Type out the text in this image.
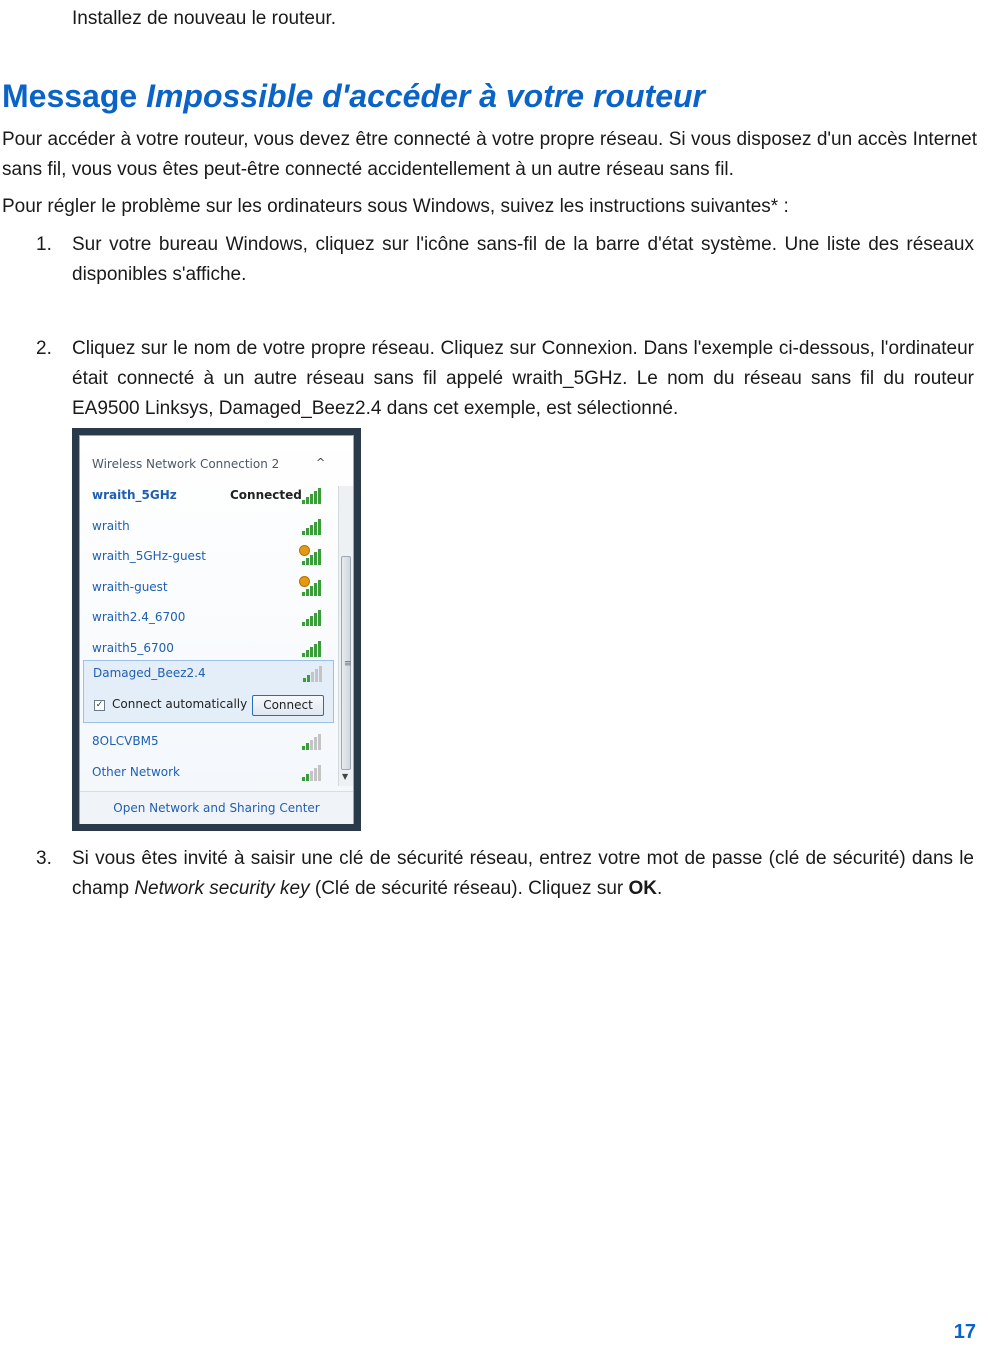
Installez de nouveau le routeur.

Message Impossible d'accéder à votre routeur

Pour accéder à votre routeur, vous devez être connecté à votre propre réseau. Si vous disposez d'un accès Internet sans fil, vous vous êtes peut-être connecté accidentellement à un autre réseau sans fil.

Pour régler le problème sur les ordinateurs sous Windows, suivez les instructions suivantes* :

1. Sur votre bureau Windows, cliquez sur l'icône sans-fil de la barre d'état système. Une liste des réseaux disponibles s'affiche.

2. Cliquez sur le nom de votre propre réseau. Cliquez sur Connexion. Dans l'exemple ci-dessous, l'ordinateur était connecté à un autre réseau sans fil appelé wraith_5GHz. Le nom du réseau sans fil du routeur EA9500 Linksys, Damaged_Beez2.4 dans cet exemple, est sélectionné.

Wireless Network Connection 2	^
wraith_5GHz	Connected
wraith
wraith_5GHz-guest
wraith-guest
wraith2.4_6700
wraith5_6700
Damaged_Beez2.4
✓ Connect automatically	Connect
8OLCVBM5
Other Network
≡
▼
Open Network and Sharing Center
3. Si vous êtes invité à saisir une clé de sécurité réseau, entrez votre mot de passe (clé de sécurité) dans le champ Network security key (Clé de sécurité réseau). Cliquez sur OK.

17
